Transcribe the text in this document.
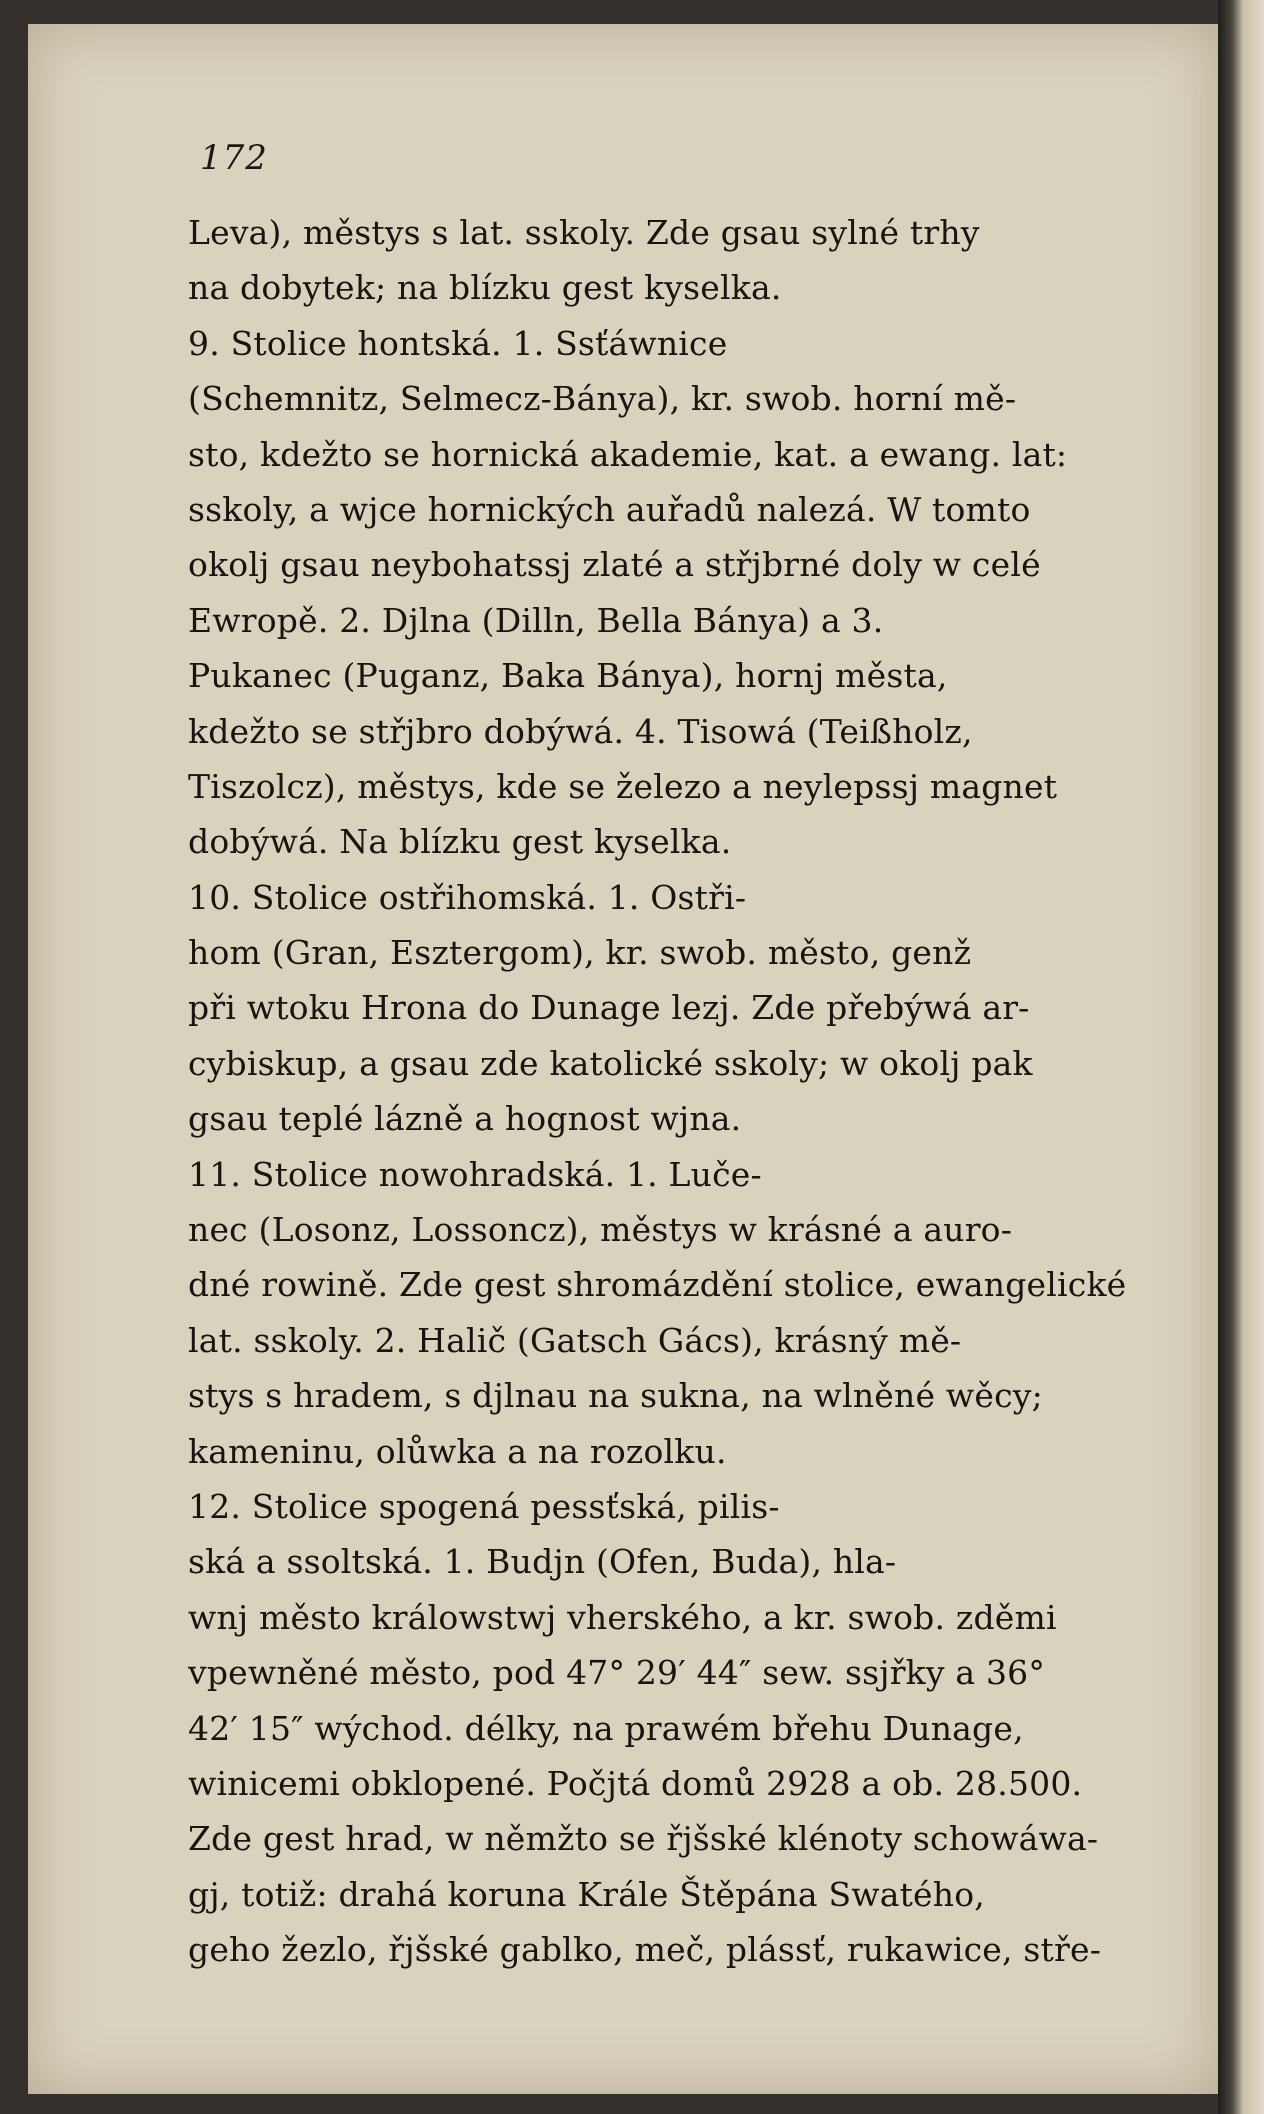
172
Leva), městys s lat. sskoly. Zde gsau sylné trhy
na dobytek; na blízku gest kyselka.
9. Stolice hontská. 1. Ssťáwnice
(Schemnitz, Selmecz-Bánya), kr. swob. horní mě-
sto, kdežto se hornická akademie, kat. a ewang. lat:
sskoly, a wjce hornických auřadů nalezá. W tomto
okolj gsau neybohatssj zlaté a střjbrné doly w celé
Ewropě. 2. Djlna (Dilln, Bella Bánya) a 3.
Pukanec (Puganz, Baka Bánya), hornj města,
kdežto se střjbro dobýwá. 4. Tisowá (Teißholz,
Tiszolcz), městys, kde se železo a neylepssj magnet
dobýwá. Na blízku gest kyselka.
10. Stolice ostřihomská. 1. Ostři-
hom (Gran, Esztergom), kr. swob. město, genž
při wtoku Hrona do Dunage lezj. Zde přebýwá ar-
cybiskup, a gsau zde katolické sskoly; w okolj pak
gsau teplé lázně a hognost wjna.
11. Stolice nowohradská. 1. Luče-
nec (Losonz, Lossoncz), městys w krásné a auro-
dné rowině. Zde gest shromázdění stolice, ewangelické
lat. sskoly. 2. Halič (Gatsch Gács), krásný mě-
stys s hradem, s djlnau na sukna, na wlněné wěcy;
kameninu, olůwka a na rozolku.
12. Stolice spogená pessťská, pilis-
ská a ssoltská. 1. Budjn (Ofen, Buda), hla-
wnj město králowstwj vherského, a kr. swob. zděmi
vpewněné město, pod 47° 29′ 44″ sew. ssjřky a 36°
42′ 15″ wýchod. délky, na prawém břehu Dunage,
winicemi obklopené. Počjtá domů 2928 a ob. 28.500.
Zde gest hrad, w němžto se řjšské klénoty schowáwa-
gj, totiž: drahá koruna Krále Štěpána Swatého,
geho žezlo, řjšské gablko, meč, plássť, rukawice, stře-
